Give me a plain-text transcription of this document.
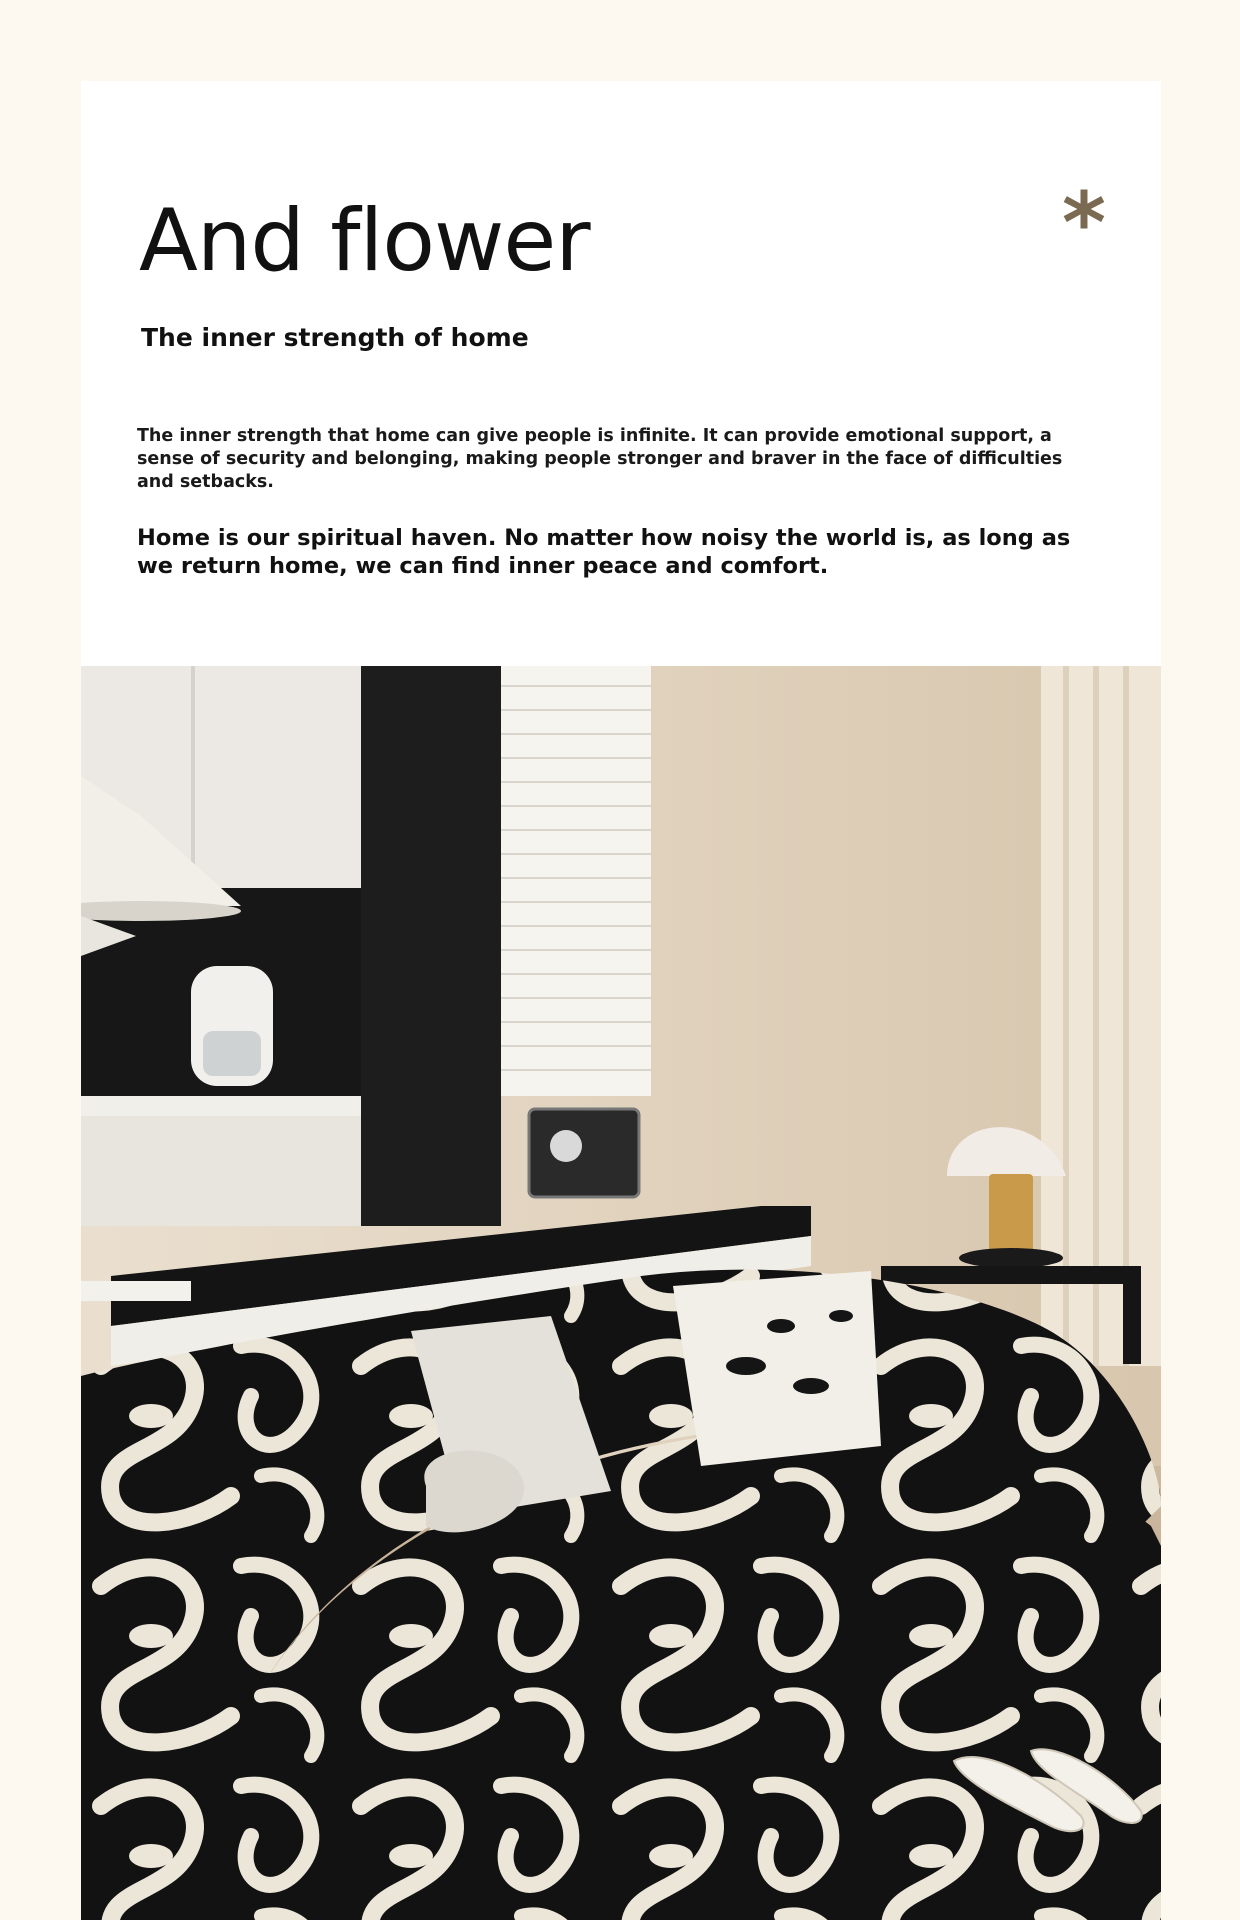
And flower	*
The inner strength of home

The inner strength that home can give people is infinite. It can provide emotional support, a sense of security and belonging, making people stronger and braver in the face of difficulties and setbacks.

Home is our spiritual haven. No matter how noisy the world is, as long as we return home, we can find inner peace and comfort.
